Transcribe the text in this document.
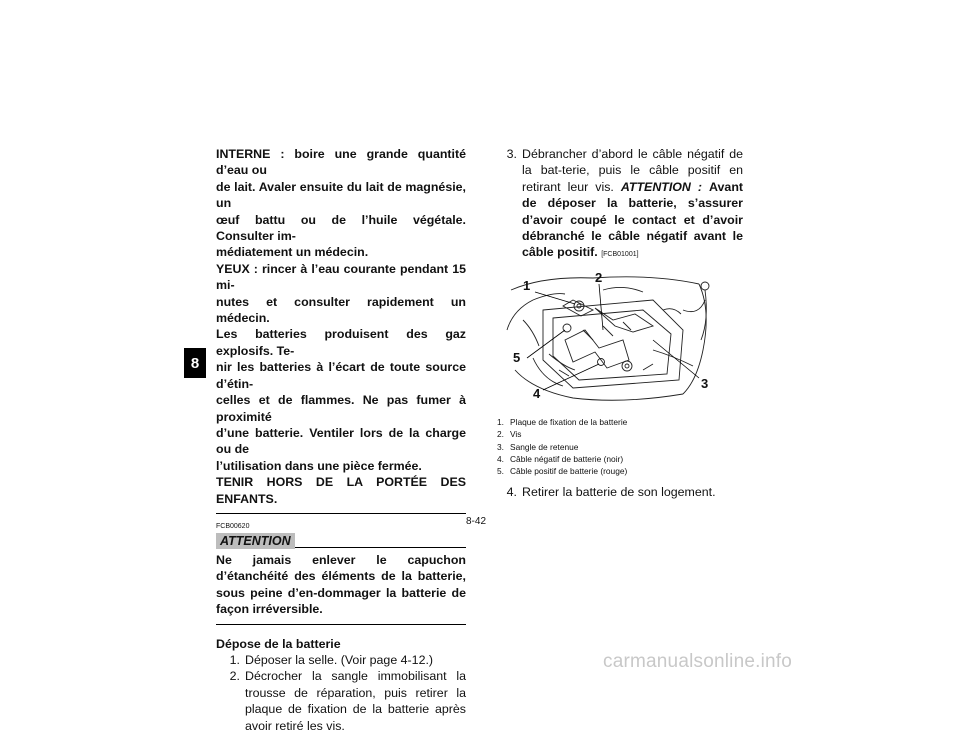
8
INTERNE : boire une grande quantité d’eau ou
de lait. Avaler ensuite du lait de magnésie, un
œuf battu ou de l’huile végétale. Consulter im-
médiatement un médecin.
YEUX : rincer à l’eau courante pendant 15 mi-
nutes et consulter rapidement un médecin.
Les batteries produisent des gaz explosifs. Te-
nir les batteries à l’écart de toute source d’étin-
celles et de flammes. Ne pas fumer à proximité
d’une batterie. Ventiler lors de la charge ou de
l’utilisation dans une pièce fermée.
TENIR HORS DE LA PORTÉE DES ENFANTS.
FCB00620
ATTENTION
Ne jamais enlever le capuchon d’étanchéité des éléments de la batterie, sous peine d’en-dommager la batterie de façon irréversible.
Dépose de la batterie
1. Déposer la selle. (Voir page 4-12.)
2. Décrocher la sangle immobilisant la trousse de réparation, puis retirer la plaque de fixation de la batterie après avoir retiré les vis.
3. Débrancher d’abord le câble négatif de la bat-terie, puis le câble positif en retirant leur vis. ATTENTION : Avant de déposer la batterie, s’assurer d’avoir coupé le contact et d’avoir débranché le câble négatif avant le câble positif. [FCB01001]
1
2
3
4
5
1. Plaque de fixation de la batterie
2. Vis
3. Sangle de retenue
4. Câble négatif de batterie (noir)
5. Câble positif de batterie (rouge)
4. Retirer la batterie de son logement.
8-42
carmanualsonline.info
